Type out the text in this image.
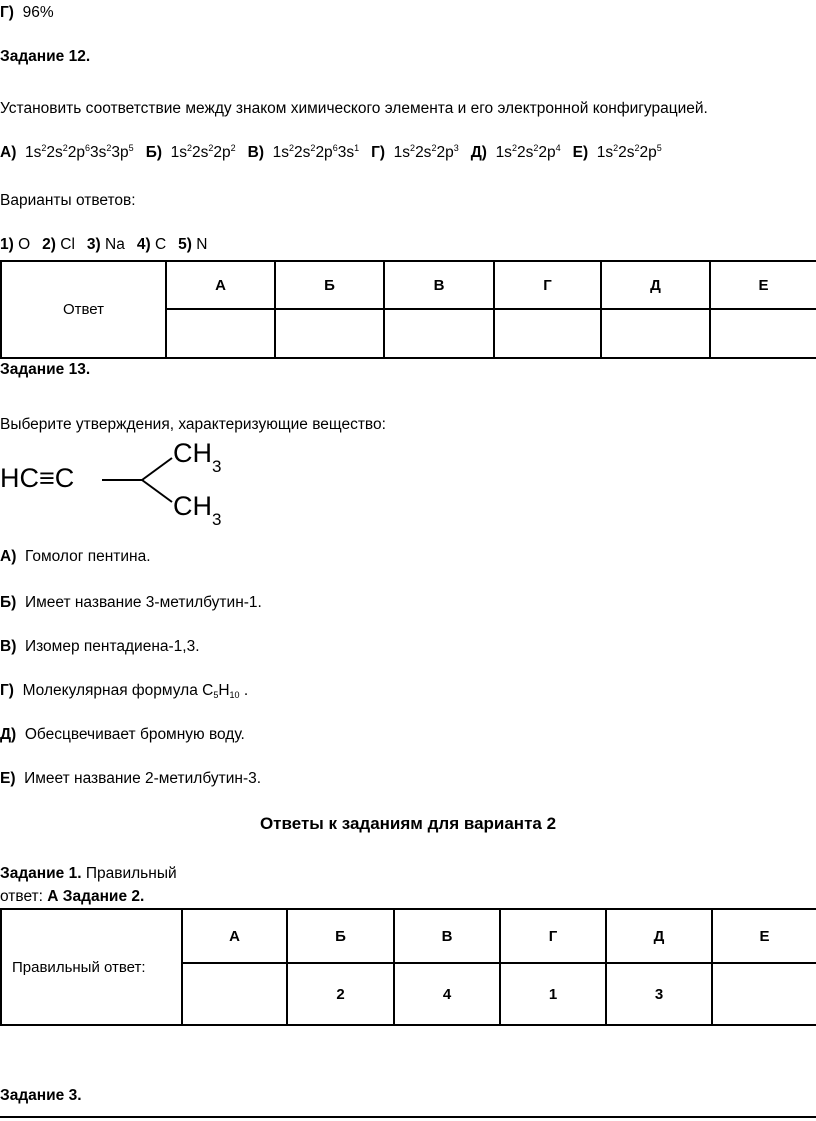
Г) 96%
Задание 12.
Установить соответствие между знаком химического элемента и его электронной конфигурацией.
А) $1s^22s^22p^63s^23p^5$ Б) $1s^22s^22p^2$ В) $1s^22s^22p^63s^1$ Г) $1s^22s^22p^3$ Д) $1s^22s^22p^4$ Е) $1s^22s^22p^5$
Варианты ответов:
1) O 2) Cl 3) Na 4) C 5) N
Ответ	А	Б	В	Г	Д	Е

Задание 13.
Выберите утверждения, характеризующие вещество:
HC≡C
$CH_3$
$CH_3$
А) Гомолог пентина.
Б) Имеет название 3-метилбутин-1.
В) Изомер пентадиена-1,3.
Г) Молекулярная формула $C_5H_{10}$ .
Д) Обесцвечивает бромную воду.
Е) Имеет название 2-метилбутин-3.
Ответы к заданиям для варианта 2
Задание 1. Правильный
ответ: А Задание 2.
Правильный ответ:	А	Б	В	Г	Д	Е
		2	4	1	3	
Задание 3.
